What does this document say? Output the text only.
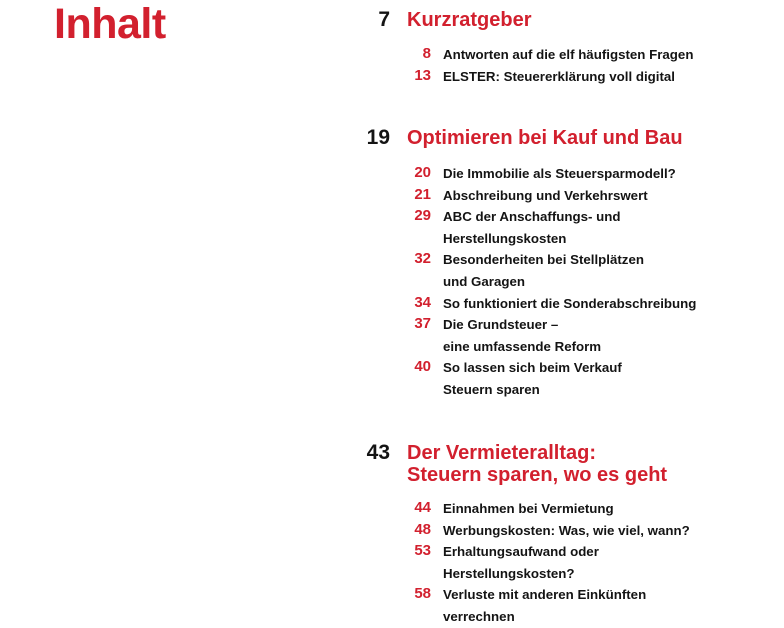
Inhalt	7 Kurzratgeber
8 Antworten auf die elf häufigsten Fragen
13 ELSTER: Steuererklärung voll digital
19 Optimieren bei Kauf und Bau
20 Die Immobilie als Steuersparmodell?
21 Abschreibung und Verkehrswert
29 ABC der Anschaffungs- und
Herstellungskosten
32 Besonderheiten bei Stellplätzen
und Garagen
34 So funktioniert die Sonderabschreibung
37 Die Grundsteuer –
eine umfassende Reform
40 So lassen sich beim Verkauf
Steuern sparen
43 Der Vermieteralltag:
Steuern sparen, wo es geht
44 Einnahmen bei Vermietung
48 Werbungskosten: Was, wie viel, wann?
53 Erhaltungsaufwand oder
Herstellungskosten?
58 Verluste mit anderen Einkünften
verrechnen
